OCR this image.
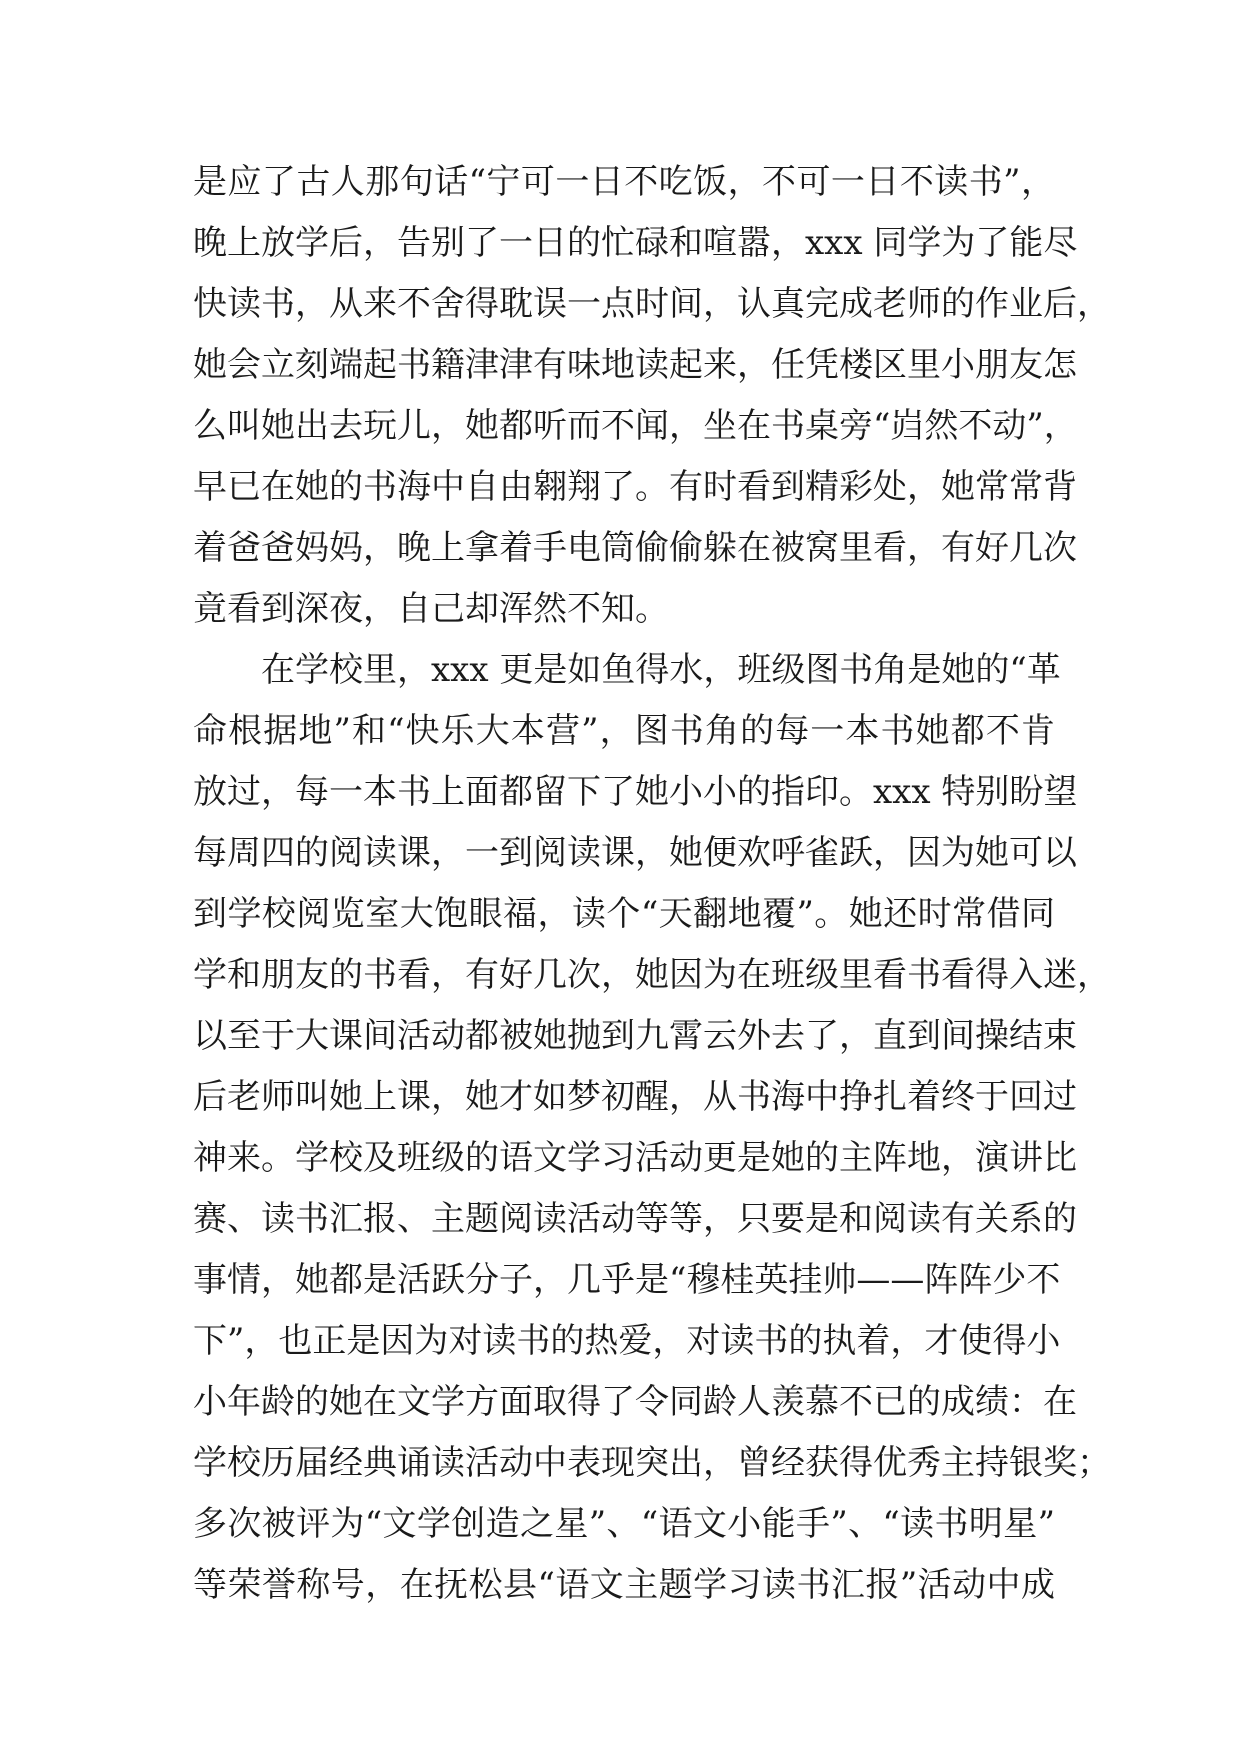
是应了古人那句话“宁可一日不吃饭，不可一日不读书”，
晚上放学后，告别了一日的忙碌和喧嚣，xxx 同学为了能尽
快读书，从来不舍得耽误一点时间，认真完成老师的作业后，
她会立刻端起书籍津津有味地读起来，任凭楼区里小朋友怎
么叫她出去玩儿，她都听而不闻，坐在书桌旁“岿然不动”，
早已在她的书海中自由翱翔了。有时看到精彩处，她常常背
着爸爸妈妈，晚上拿着手电筒偷偷躲在被窝里看，有好几次
竟看到深夜，自己却浑然不知。
在学校里，xxx 更是如鱼得水，班级图书角是她的“革
命根据地”和“快乐大本营”，图书角的每一本书她都不肯
放过，每一本书上面都留下了她小小的指印。xxx 特别盼望
每周四的阅读课，一到阅读课，她便欢呼雀跃，因为她可以
到学校阅览室大饱眼福，读个“天翻地覆”。她还时常借同
学和朋友的书看，有好几次，她因为在班级里看书看得入迷，
以至于大课间活动都被她抛到九霄云外去了，直到间操结束
后老师叫她上课，她才如梦初醒，从书海中挣扎着终于回过
神来。学校及班级的语文学习活动更是她的主阵地，演讲比
赛、读书汇报、主题阅读活动等等，只要是和阅读有关系的
事情，她都是活跃分子，几乎是“穆桂英挂帅——阵阵少不
下”，也正是因为对读书的热爱，对读书的执着，才使得小
小年龄的她在文学方面取得了令同龄人羡慕不已的成绩：在
学校历届经典诵读活动中表现突出，曾经获得优秀主持银奖；
多次被评为“文学创造之星”、“语文小能手”、“读书明星”
等荣誉称号，在抚松县“语文主题学习读书汇报”活动中成
